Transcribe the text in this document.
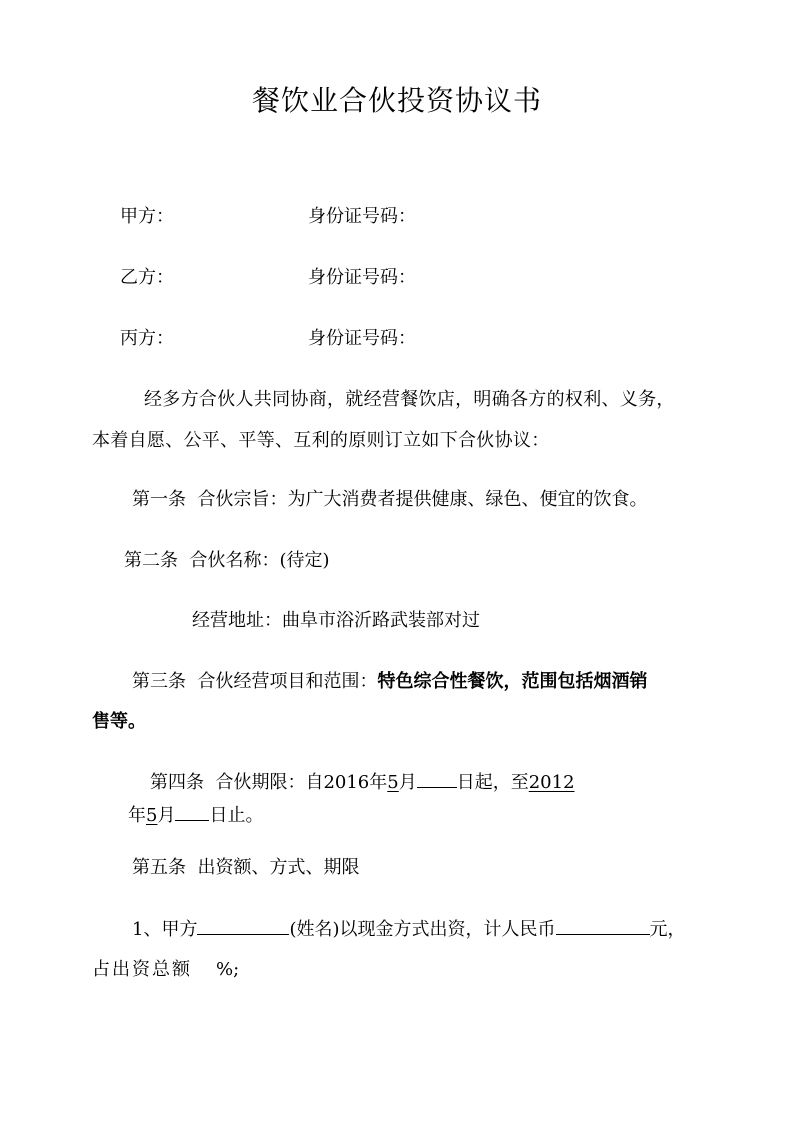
餐饮业合伙投资协议书
甲方：	身份证号码：
乙方：	身份证号码：
丙方：	身份证号码：
经多方合伙人共同协商，就经营餐饮店，明确各方的权利、义务，
本着自愿、公平、平等、互利的原则订立如下合伙协议：
第一条 合伙宗旨：为广大消费者提供健康、绿色、便宜的饮食。
第二条 合伙名称：(待定)
经营地址：曲阜市浴沂路武装部对过
第三条 合伙经营项目和范围：特色综合性餐饮，范围包括烟酒销
售等。
第四条 合伙期限：自2016年5月 日起，至2012
年5月 日止。
第五条 出资额、方式、期限
1、甲方	(姓名)以现金方式出资，计人民币	元，
占出资总额 %;
